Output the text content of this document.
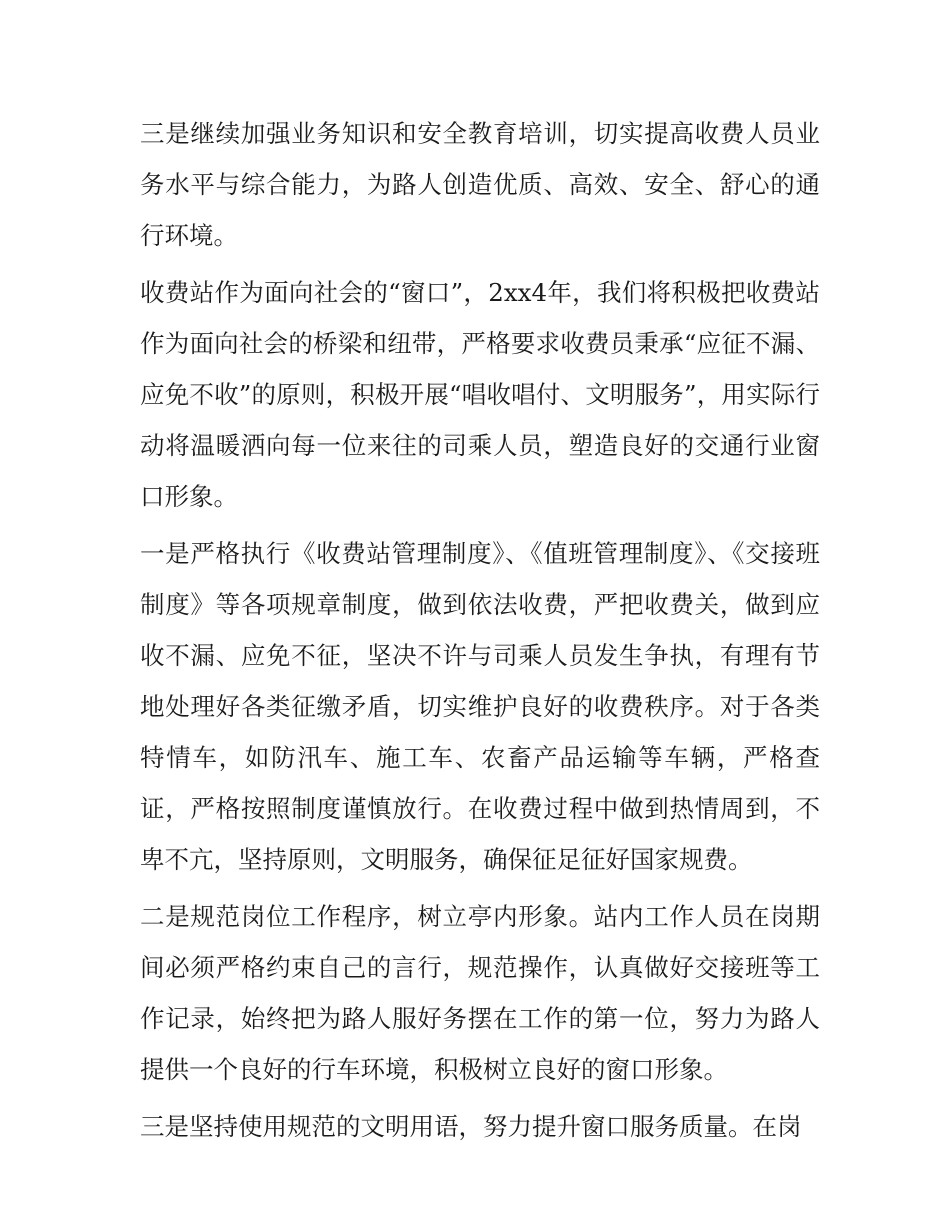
三是继续加强业务知识和安全教育培训，切实提高收费人员业务水平与综合能力，为路人创造优质、高效、安全、舒心的通行环境。

收费站作为面向社会的“窗口”，2xx4年，我们将积极把收费站作为面向社会的桥梁和纽带，严格要求收费员秉承“应征不漏、应免不收”的原则，积极开展“唱收唱付、文明服务”，用实际行动将温暖洒向每一位来往的司乘人员，塑造良好的交通行业窗口形象。

一是严格执行《收费站管理制度》、《值班管理制度》、《交接班制度》等各项规章制度，做到依法收费，严把收费关，做到应收不漏、应免不征，坚决不许与司乘人员发生争执，有理有节地处理好各类征缴矛盾，切实维护良好的收费秩序。对于各类特情车，如防汛车、施工车、农畜产品运输等车辆，严格查证，严格按照制度谨慎放行。在收费过程中做到热情周到，不卑不亢，坚持原则，文明服务，确保征足征好国家规费。

二是规范岗位工作程序，树立亭内形象。站内工作人员在岗期间必须严格约束自己的言行，规范操作，认真做好交接班等工作记录，始终把为路人服好务摆在工作的第一位，努力为路人提供一个良好的行车环境，积极树立良好的窗口形象。

三是坚持使用规范的文明用语，努力提升窗口服务质量。在岗
